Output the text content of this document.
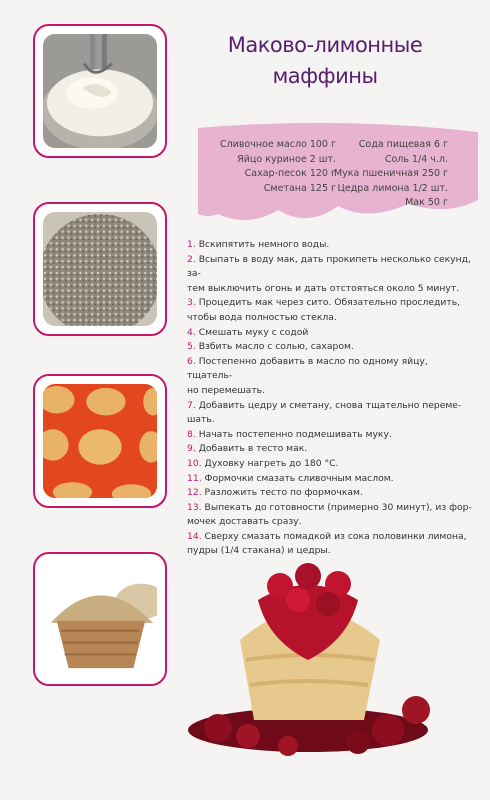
Маково-лимонные
маффины
Сливочное масло 100 г
Яйцо куриное 2 шт.
Сахар-песок 120 г
Сметана 125 г
Сода пищевая 6 г
Соль 1/4 ч.л.
Мука пшеничная 250 г
Цедра лимона 1/2 шт.
Мак 50 г
1. Вскипятить немного воды.
2. Всыпать в воду мак, дать прокипеть несколько секунд, за-
тем выключить огонь и дать отстояться около 5 минут.
3. Процедить мак через сито. Обязательно проследить,
чтобы вода полностью стекла.
4. Смешать муку с содой
5. Взбить масло с солью, сахаром.
6. Постепенно добавить в масло по одному яйцу, тщатель-
но перемешать.
7. Добавить цедру и сметану, снова тщательно переме-
шать.
8. Начать постепенно подмешивать муку.
9. Добавить в тесто мак.
10. Духовку нагреть до 180 °С.
11. Формочки смазать сливочным маслом.
12. Разложить тесто по формочкам.
13. Выпекать до готовности (примерно 30 минут), из фор-
мочек доставать сразу.
14. Сверху смазать помадкой из сока половинки лимона,
пудры (1/4 стакана) и цедры.
